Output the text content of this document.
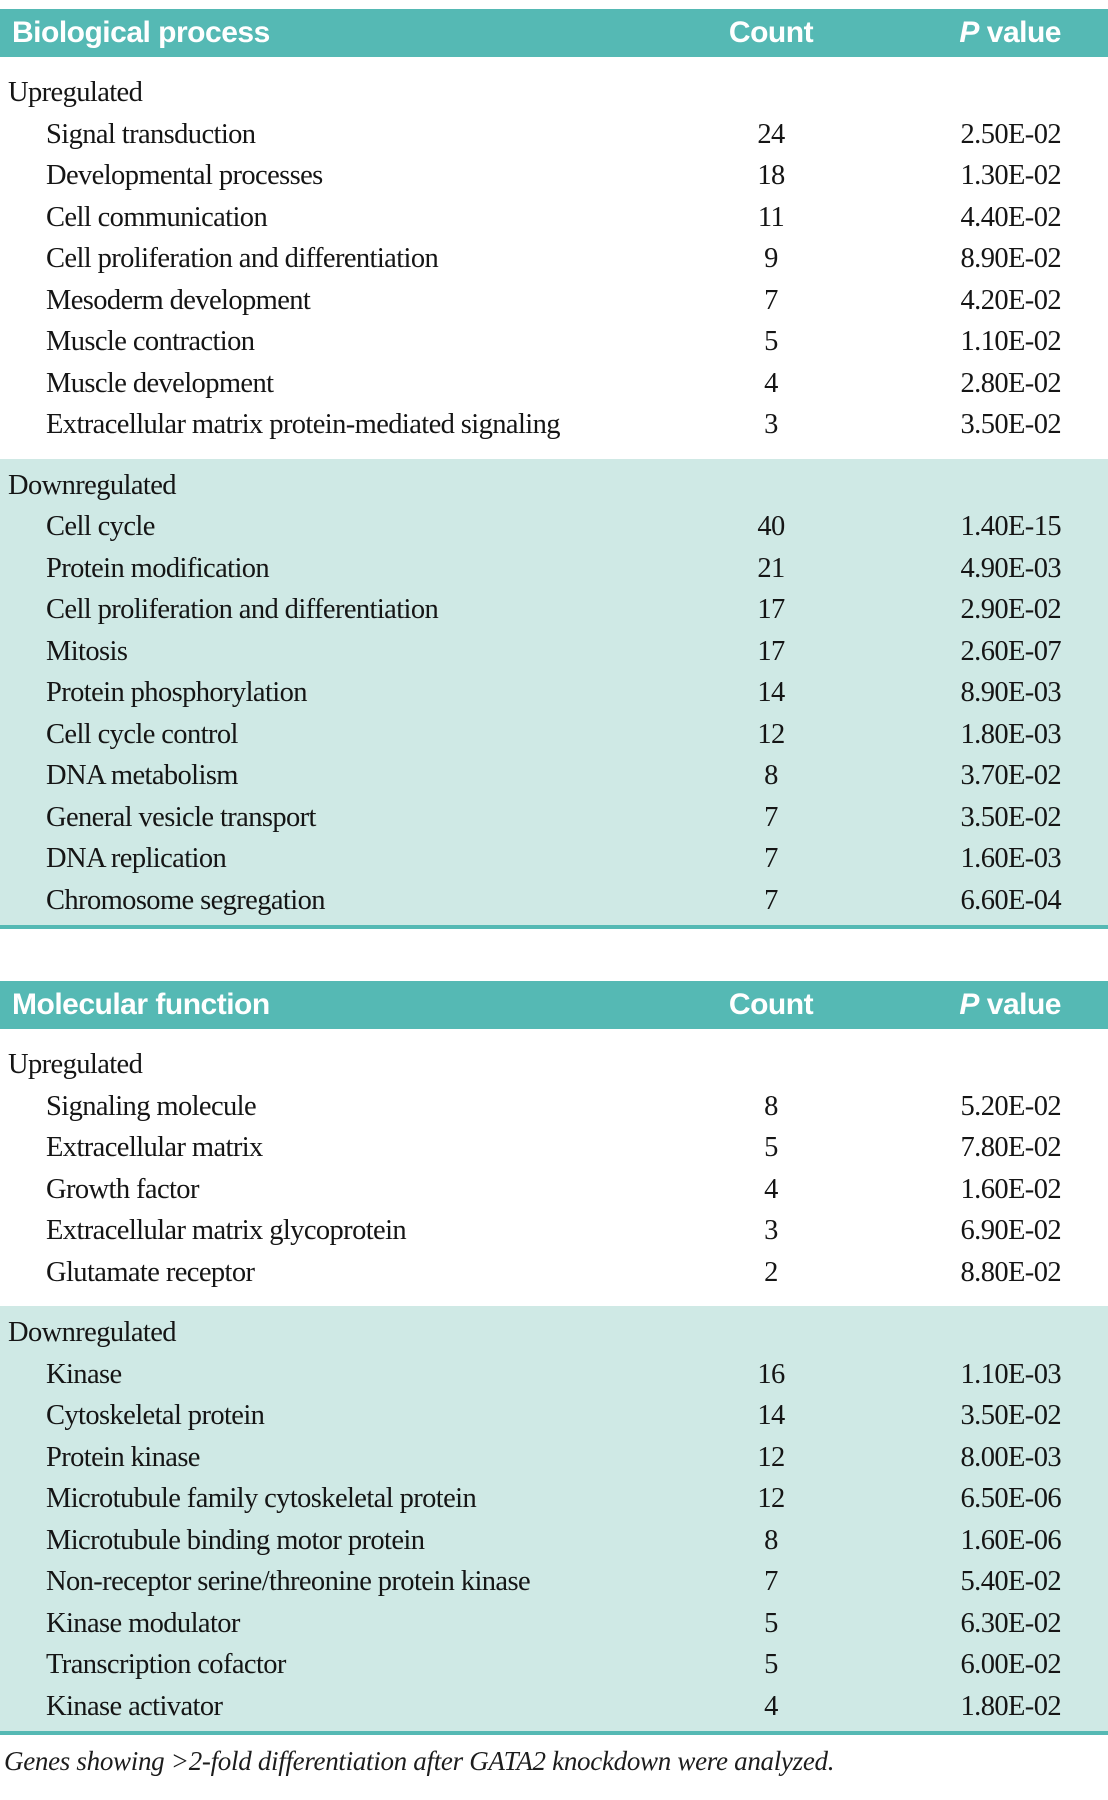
Biological process	Count	P value
Upregulated
Signal transduction	24	2.50E-02
Developmental processes	18	1.30E-02
Cell communication	11	4.40E-02
Cell proliferation and differentiation	9	8.90E-02
Mesoderm development	7	4.20E-02
Muscle contraction	5	1.10E-02
Muscle development	4	2.80E-02
Extracellular matrix protein-mediated signaling	3	3.50E-02
Downregulated
Cell cycle	40	1.40E-15
Protein modification	21	4.90E-03
Cell proliferation and differentiation	17	2.90E-02
Mitosis	17	2.60E-07
Protein phosphorylation	14	8.90E-03
Cell cycle control	12	1.80E-03
DNA metabolism	8	3.70E-02
General vesicle transport	7	3.50E-02
DNA replication	7	1.60E-03
Chromosome segregation	7	6.60E-04
Molecular function	Count	P value
Upregulated
Signaling molecule	8	5.20E-02
Extracellular matrix	5	7.80E-02
Growth factor	4	1.60E-02
Extracellular matrix glycoprotein	3	6.90E-02
Glutamate receptor	2	8.80E-02
Downregulated
Kinase	16	1.10E-03
Cytoskeletal protein	14	3.50E-02
Protein kinase	12	8.00E-03
Microtubule family cytoskeletal protein	12	6.50E-06
Microtubule binding motor protein	8	1.60E-06
Non-receptor serine/threonine protein kinase	7	5.40E-02
Kinase modulator	5	6.30E-02
Transcription cofactor	5	6.00E-02
Kinase activator	4	1.80E-02
Genes showing >2-fold differentiation after GATA2 knockdown were analyzed.
